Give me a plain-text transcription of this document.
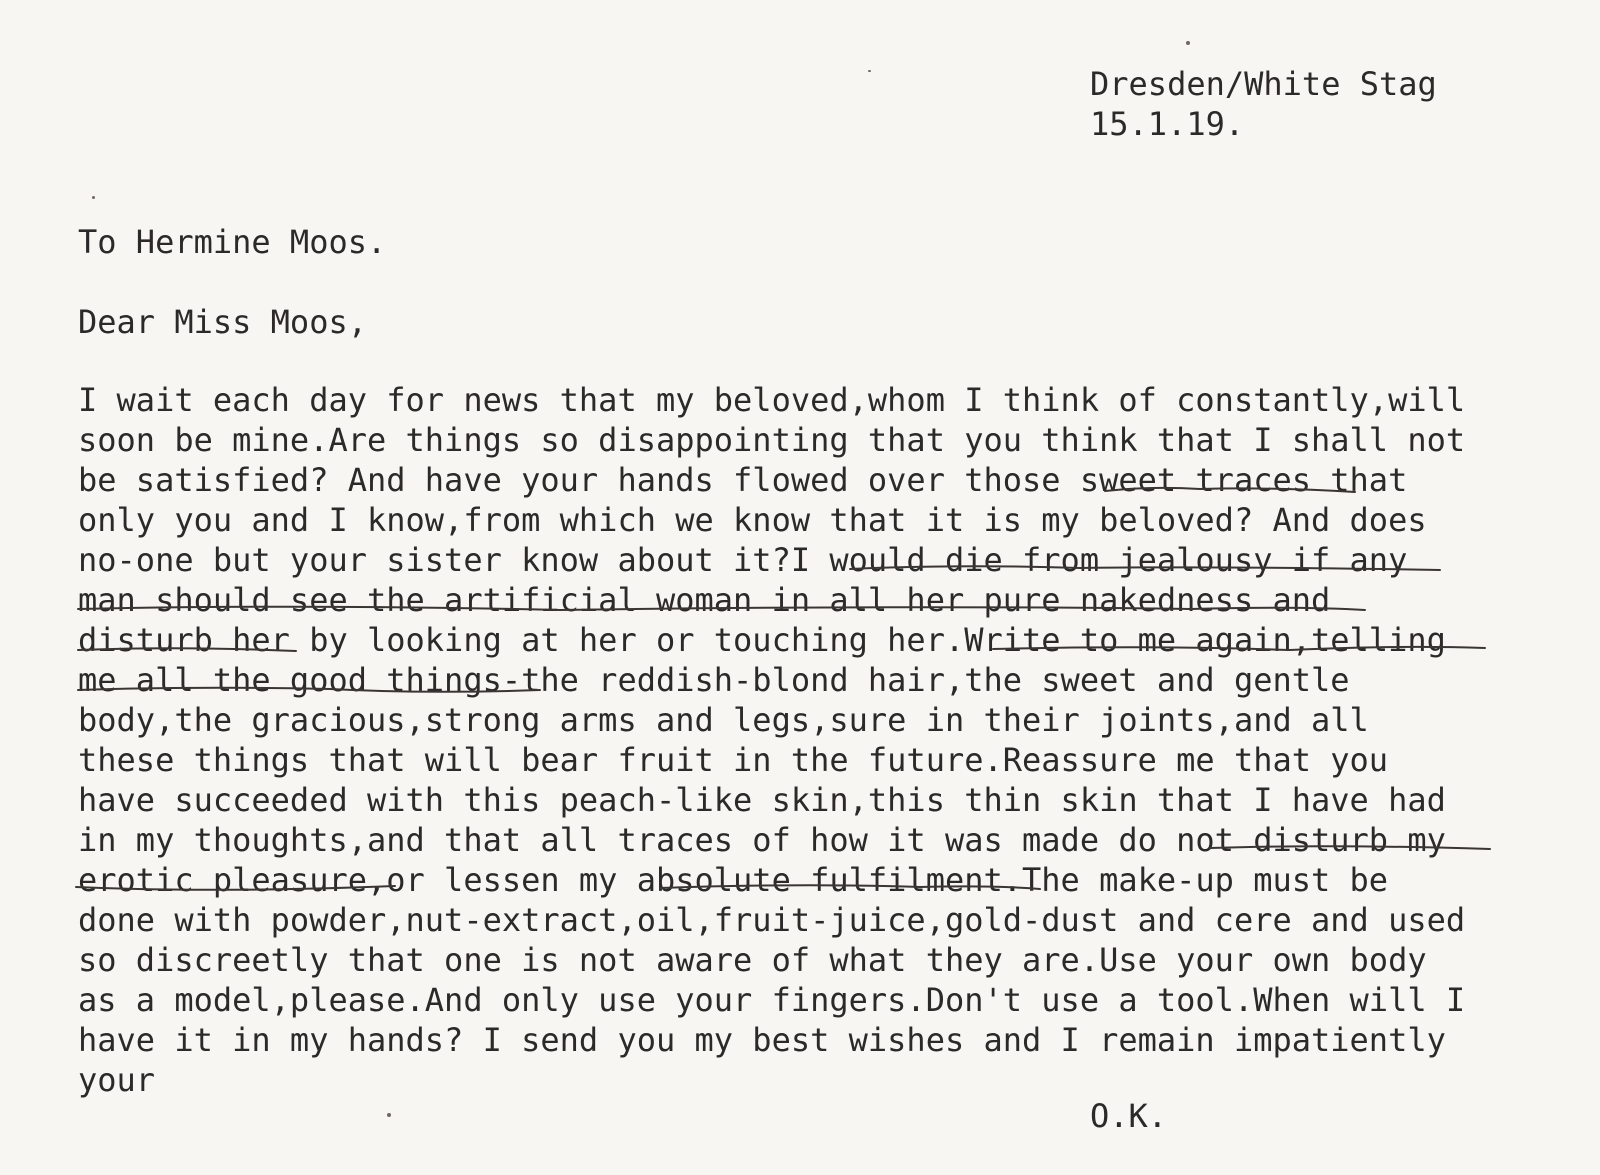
Dresden/White Stag
15.1.19.
To Hermine Moos.
Dear Miss Moos,
I wait each day for news that my beloved,whom I think of constantly,will
soon be mine.Are things so disappointing that you think that I shall not
be satisfied? And have your hands flowed over those sweet traces that
only you and I know,from which we know that it is my beloved? And does
no-one but your sister know about it?I would die from jealousy if any
man should see the artificial woman in all her pure nakedness and
disturb her by looking at her or touching her.Write to me again,telling
me all the good things-the reddish-blond hair,the sweet and gentle
body,the gracious,strong arms and legs,sure in their joints,and all
these things that will bear fruit in the future.Reassure me that you
have succeeded with this peach-like skin,this thin skin that I have had
in my thoughts,and that all traces of how it was made do not disturb my
erotic pleasure,or lessen my absolute fulfilment.The make-up must be
done with powder,nut-extract,oil,fruit-juice,gold-dust and cere and used
so discreetly that one is not aware of what they are.Use your own body
as a model,please.And only use your fingers.Don't use a tool.When will I
have it in my hands? I send you my best wishes and I remain impatiently
your
O.K.
